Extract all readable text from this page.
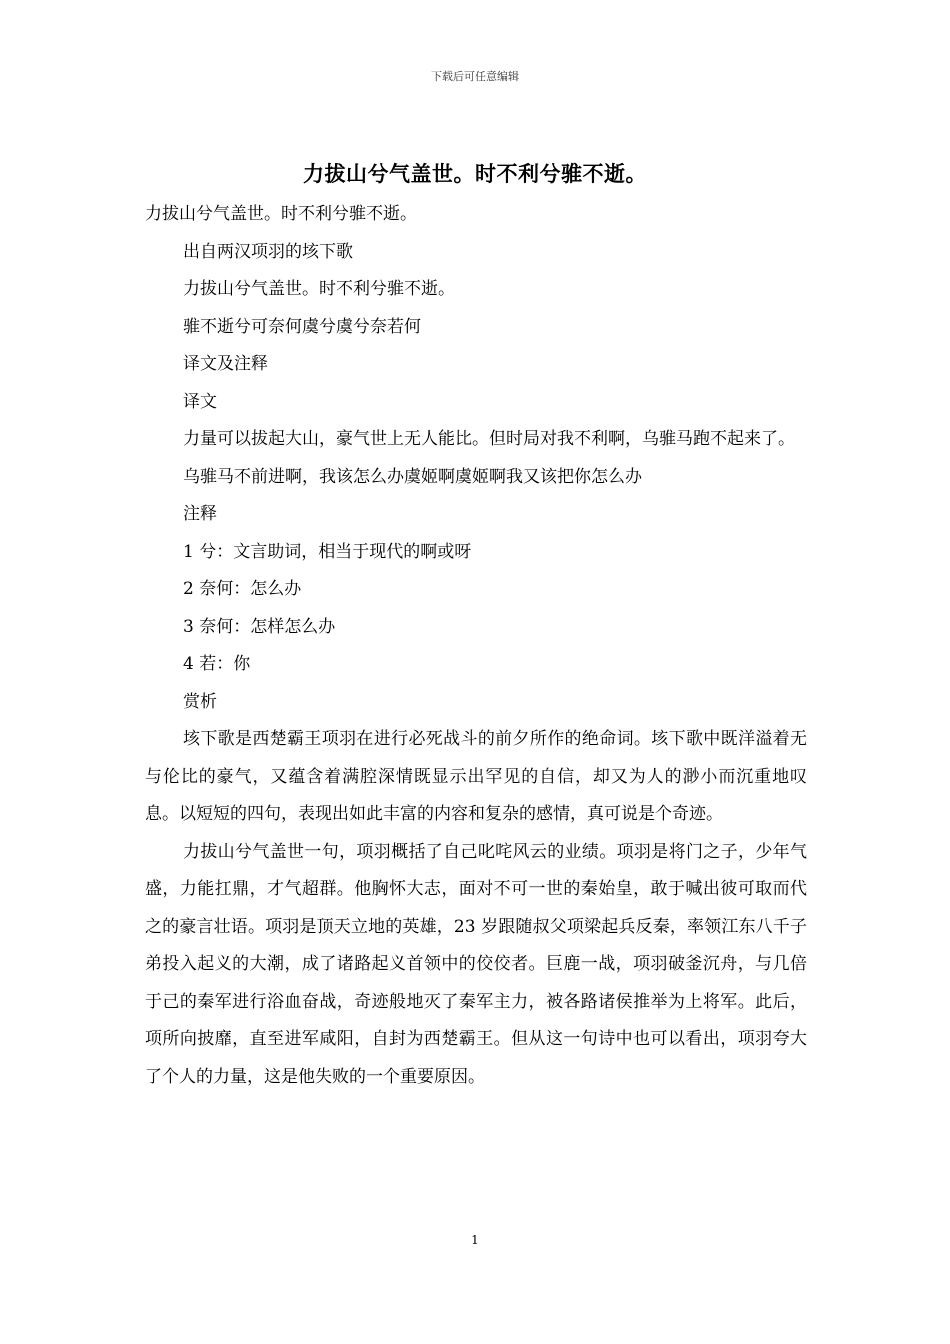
下载后可任意编辑
力拔山兮气盖世。时不利兮骓不逝。
力拔山兮气盖世。时不利兮骓不逝。
出自两汉项羽的垓下歌
力拔山兮气盖世。时不利兮骓不逝。
骓不逝兮可奈何虞兮虞兮奈若何
译文及注释
译文
力量可以拔起大山，豪气世上无人能比。但时局对我不利啊，乌骓马跑不起来了。
乌骓马不前进啊，我该怎么办虞姬啊虞姬啊我又该把你怎么办
注释
1 兮：文言助词，相当于现代的啊或呀
2 奈何：怎么办
3 奈何：怎样怎么办
4 若：你
赏析
垓下歌是西楚霸王项羽在进行必死战斗的前夕所作的绝命词。垓下歌中既洋溢着无与伦比的豪气，又蕴含着满腔深情既显示出罕见的自信，却又为人的渺小而沉重地叹息。以短短的四句，表现出如此丰富的内容和复杂的感情，真可说是个奇迹。
力拔山兮气盖世一句，项羽概括了自己叱咤风云的业绩。项羽是将门之子，少年气盛，力能扛鼎，才气超群。他胸怀大志，面对不可一世的秦始皇，敢于喊出彼可取而代之的豪言壮语。项羽是顶天立地的英雄，23 岁跟随叔父项梁起兵反秦，率领江东八千子弟投入起义的大潮，成了诸路起义首领中的佼佼者。巨鹿一战，项羽破釜沉舟，与几倍于己的秦军进行浴血奋战，奇迹般地灭了秦军主力，被各路诸侯推举为上将军。此后，项所向披靡，直至进军咸阳，自封为西楚霸王。但从这一句诗中也可以看出，项羽夸大了个人的力量，这是他失败的一个重要原因。
1
